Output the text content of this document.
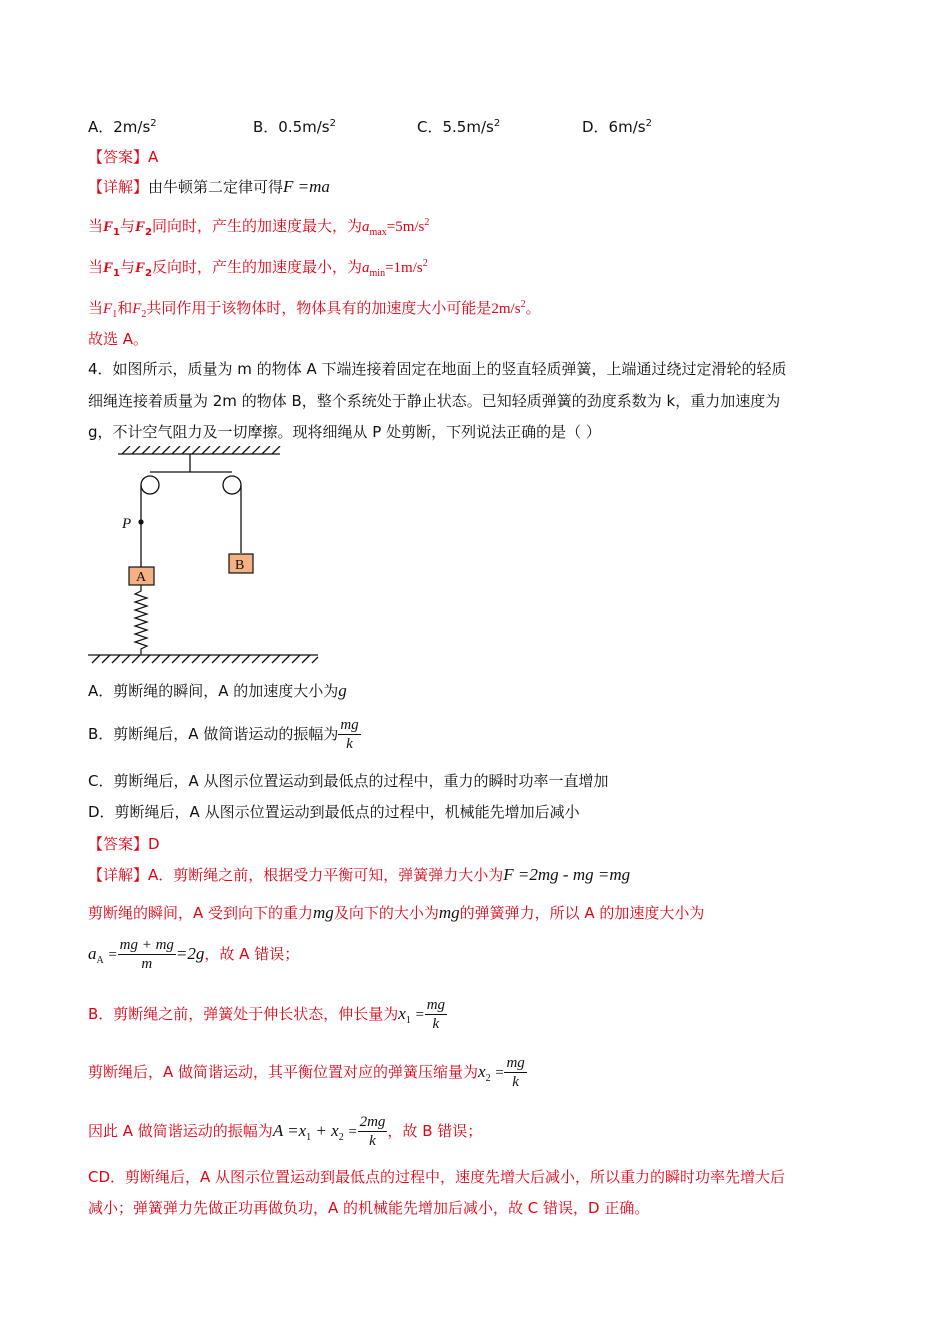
A．$2m/s^2$	B．$0.5m/s^2$	C．$5.5m/s^2$	D．$6m/s^2$
【答案】A
【详解】由牛顿第二定律可得F =ma
当$F_1$与$F_2$同向时，产生的加速度最大，为$a_{max}=5m/s^2$
当$F_1$与$F_2$反向时，产生的加速度最小，为$a_{min}=1m/s^2$
当$F_1$和$F_2$共同作用于该物体时，物体具有的加速度大小可能是$2m/s^2$。
故选 A。
4．如图所示，质量为 m 的物体 A 下端连接着固定在地面上的竖直轻质弹簧，上端通过绕过定滑轮的轻质
细绳连接着质量为 2m 的物体 B，整个系统处于静止状态。已知轻质弹簧的劲度系数为 k，重力加速度为
g，不计空气阻力及一切摩擦。现将细绳从 P 处剪断，下列说法正确的是（ ）
P
A
B
A．剪断绳的瞬间，A 的加速度大小为g
B．剪断绳后，A 做简谐运动的振幅为 $\frac{mg}{k}$
C．剪断绳后，A 从图示位置运动到最低点的过程中，重力的瞬时功率一直增加
D．剪断绳后，A 从图示位置运动到最低点的过程中，机械能先增加后减小
【答案】D
【详解】A．剪断绳之前，根据受力平衡可知，弹簧弹力大小为F =2mg - mg =mg
剪断绳的瞬间，A 受到向下的重力mg及向下的大小为mg的弹簧弹力，所以 A 的加速度大小为
$a_A = \frac{mg + mg}{m} =2g$，故 A 错误；
B．剪断绳之前，弹簧处于伸长状态，伸长量为$x_1 = \frac{mg}{k}$
剪断绳后，A 做简谐运动，其平衡位置对应的弹簧压缩量为$x_2 = \frac{mg}{k}$
因此 A 做简谐运动的振幅为$A =x_1 + x_2 = \frac{2mg}{k}$ ，故 B 错误；
CD．剪断绳后，A 从图示位置运动到最低点的过程中，速度先增大后减小，所以重力的瞬时功率先增大后
减小；弹簧弹力先做正功再做负功，A 的机械能先增加后减小，故 C 错误，D 正确。
